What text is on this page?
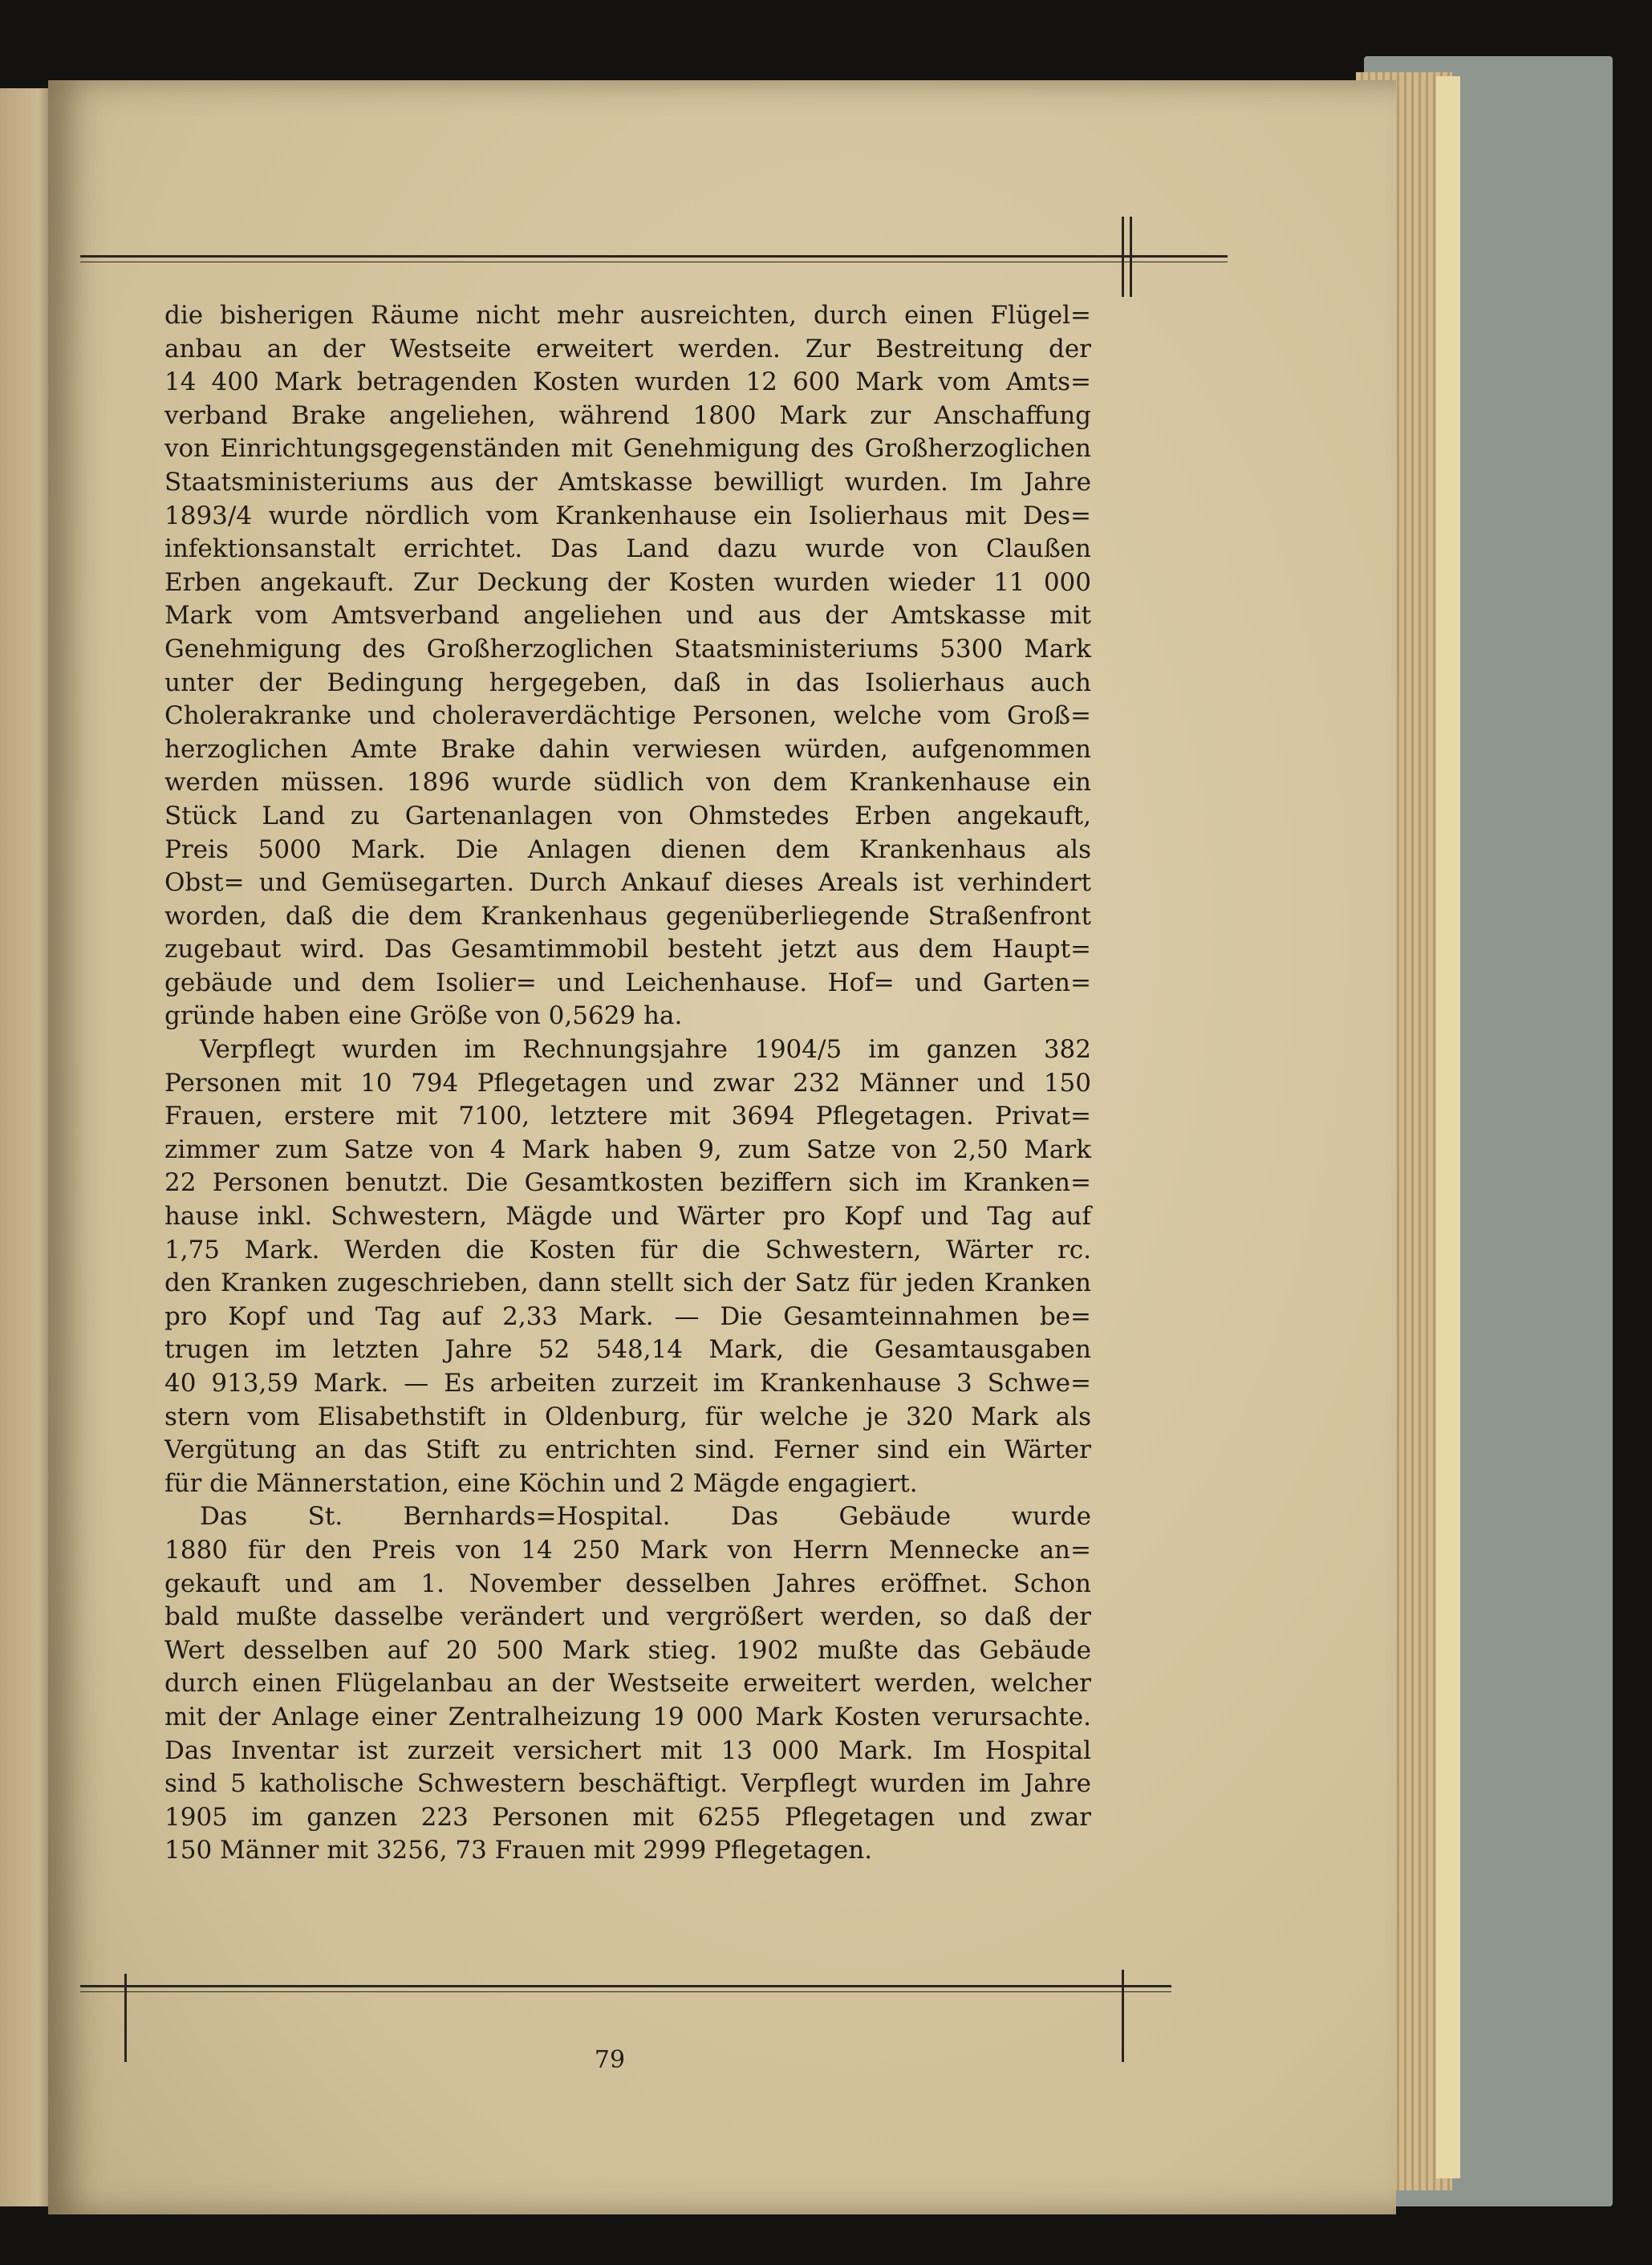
die bisherigen Räume nicht mehr ausreichten, durch einen Flügel=
anbau an der Westseite erweitert werden. Zur Bestreitung der
14 400 Mark betragenden Kosten wurden 12 600 Mark vom Amts=
verband Brake angeliehen, während 1800 Mark zur Anschaffung
von Einrichtungsgegenständen mit Genehmigung des Großherzoglichen
Staatsministeriums aus der Amtskasse bewilligt wurden. Im Jahre
1893/4 wurde nördlich vom Krankenhause ein Isolierhaus mit Des=
infektionsanstalt errichtet. Das Land dazu wurde von Claußen
Erben angekauft. Zur Deckung der Kosten wurden wieder 11 000
Mark vom Amtsverband angeliehen und aus der Amtskasse mit
Genehmigung des Großherzoglichen Staatsministeriums 5300 Mark
unter der Bedingung hergegeben, daß in das Isolierhaus auch
Cholerakranke und choleraverdächtige Personen, welche vom Groß=
herzoglichen Amte Brake dahin verwiesen würden, aufgenommen
werden müssen. 1896 wurde südlich von dem Krankenhause ein
Stück Land zu Gartenanlagen von Ohmstedes Erben angekauft,
Preis 5000 Mark. Die Anlagen dienen dem Krankenhaus als
Obst= und Gemüsegarten. Durch Ankauf dieses Areals ist verhindert
worden, daß die dem Krankenhaus gegenüberliegende Straßenfront
zugebaut wird. Das Gesamtimmobil besteht jetzt aus dem Haupt=
gebäude und dem Isolier= und Leichenhause. Hof= und Garten=
gründe haben eine Größe von 0,5629 ha.
Verpflegt wurden im Rechnungsjahre 1904/5 im ganzen 382
Personen mit 10 794 Pflegetagen und zwar 232 Männer und 150
Frauen, erstere mit 7100, letztere mit 3694 Pflegetagen. Privat=
zimmer zum Satze von 4 Mark haben 9, zum Satze von 2,50 Mark
22 Personen benutzt. Die Gesamtkosten beziffern sich im Kranken=
hause inkl. Schwestern, Mägde und Wärter pro Kopf und Tag auf
1,75 Mark. Werden die Kosten für die Schwestern, Wärter rc.
den Kranken zugeschrieben, dann stellt sich der Satz für jeden Kranken
pro Kopf und Tag auf 2,33 Mark. — Die Gesamteinnahmen be=
trugen im letzten Jahre 52 548,14 Mark, die Gesamtausgaben
40 913,59 Mark. — Es arbeiten zurzeit im Krankenhause 3 Schwe=
stern vom Elisabethstift in Oldenburg, für welche je 320 Mark als
Vergütung an das Stift zu entrichten sind. Ferner sind ein Wärter
für die Männerstation, eine Köchin und 2 Mägde engagiert.
Das St. Bernhards=Hospital. Das Gebäude wurde
1880 für den Preis von 14 250 Mark von Herrn Mennecke an=
gekauft und am 1. November desselben Jahres eröffnet. Schon
bald mußte dasselbe verändert und vergrößert werden, so daß der
Wert desselben auf 20 500 Mark stieg. 1902 mußte das Gebäude
durch einen Flügelanbau an der Westseite erweitert werden, welcher
mit der Anlage einer Zentralheizung 19 000 Mark Kosten verursachte.
Das Inventar ist zurzeit versichert mit 13 000 Mark. Im Hospital
sind 5 katholische Schwestern beschäftigt. Verpflegt wurden im Jahre
1905 im ganzen 223 Personen mit 6255 Pflegetagen und zwar
150 Männer mit 3256, 73 Frauen mit 2999 Pflegetagen.
79
